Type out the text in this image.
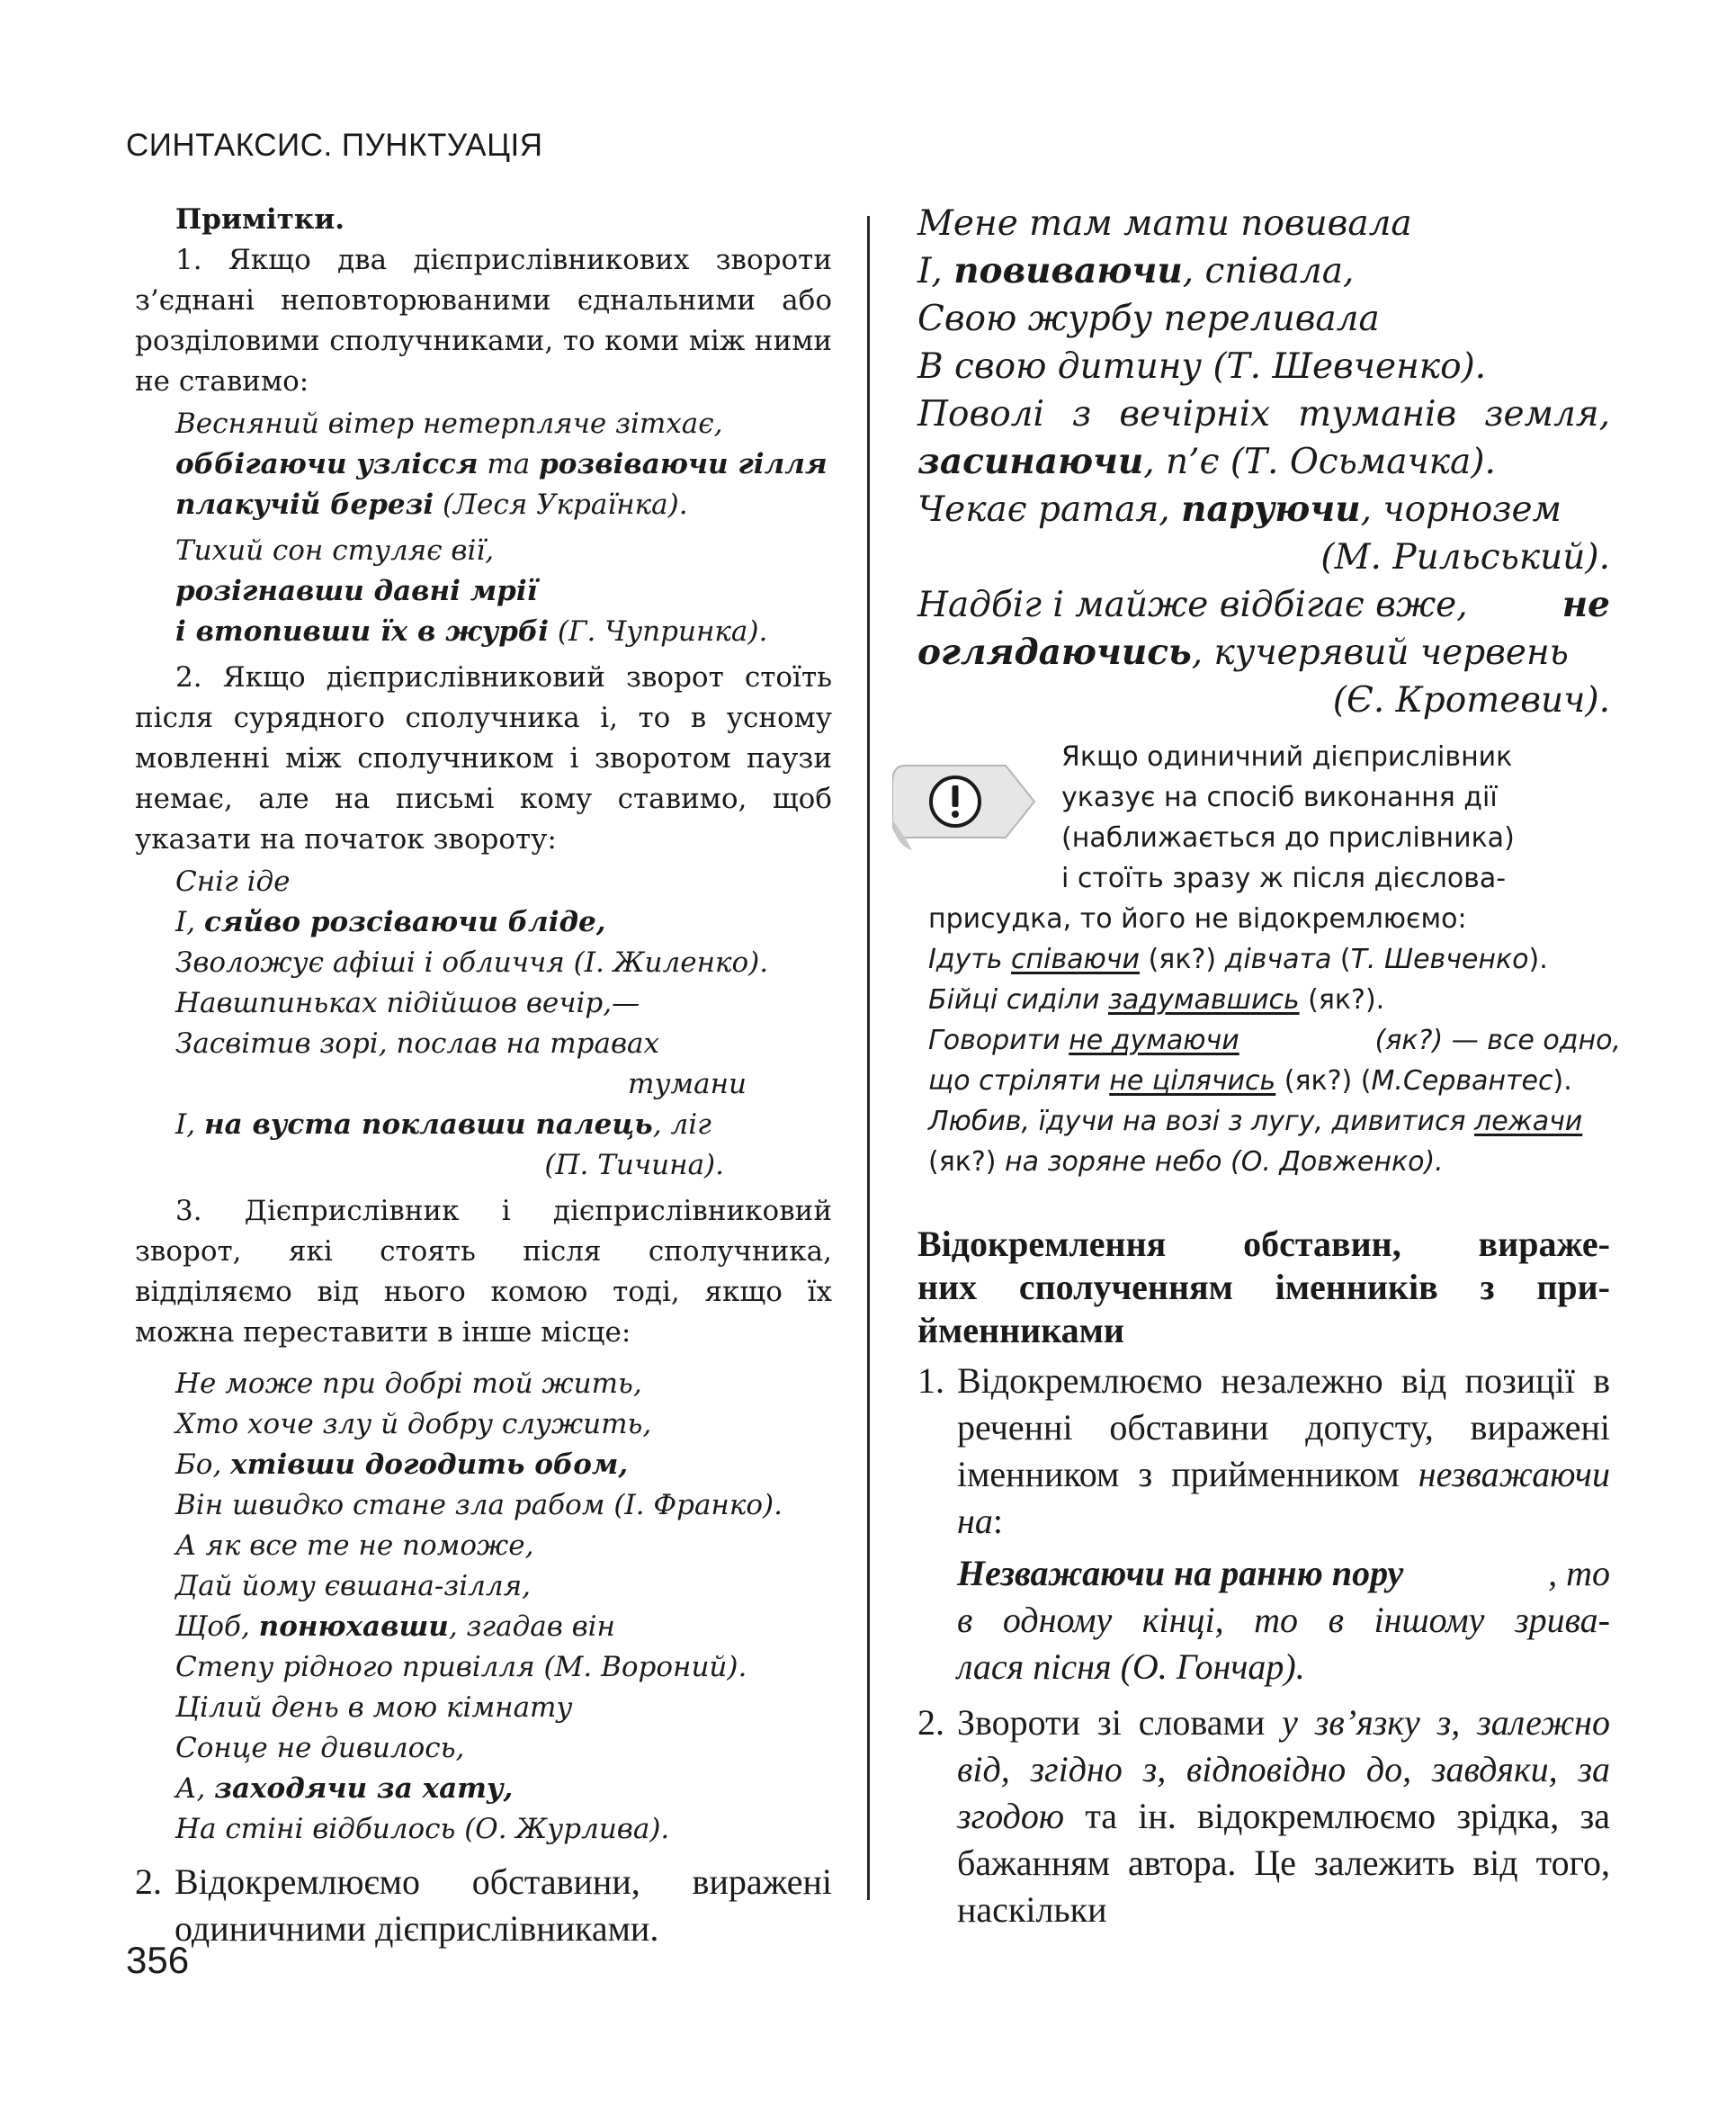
СИНТАКСИС. ПУНКТУАЦІЯ

Примітки.

1. Якщо два дієприслівникових звороти з’єднані неповторюваними єднальними або розділовими сполучниками, то коми між ними не ставимо:

Весняний вітер нетерпляче зітхає,
оббігаючи узлісся та розвіваючи гілля
плакучій березі (Леся Українка).
Тихий сон стуляє вії,
розігнавши давні мрії
і втопивши їх в журбі (Г. Чупринка).

2. Якщо дієприслівниковий зворот стоїть після сурядного сполучника і, то в усному мовленні між сполучником і зворотом паузи немає, але на письмі кому ставимо, щоб указати на початок звороту:

Сніг іде
І, сяйво розсіваючи бліде,
Зволожує афіші і обличчя (І. Жиленко).
Навшпиньках підійшов вечір,—
Засвітив зорі, послав на травах
тумани
І, на вуста поклавши палець, ліг
(П. Тичина).

3. Дієприслівник і дієприслівниковий зворот, які стоять після сполучника, відділяємо від нього комою тоді, якщо їх можна переставити в інше місце:

Не може при добрі той жить,
Хто хоче злу й добру служить,
Бо, хтівши догодить обом,
Він швидко стане зла рабом (І. Франко).
А як все те не поможе,
Дай йому євшана-зілля,
Щоб, понюхавши, згадав він
Степу рідного привілля (М. Вороний).
Цілий день в мою кімнату
Сонце не дивилось,
А, заходячи за хату,
На стіні відбилось (О. Журлива).
2. Відокремлюємо обставини, виражені одиничними дієприслівниками.
Мене там мати повивала
І, повиваючи, співала,
Свою журбу переливала
В свою дитину (Т. Шевченко).
Поволі з вечірніх туманів земля,
засинаючи, п’є (Т. Осьмачка).
Чекає ратая, паруючи, чорнозем
(М. Рильський).
Надбіг і майже відбігає вже,	не
оглядаючись, кучерявий червень
(Є. Кротевич).
Якщо одиничний дієприслівник
указує на спосіб виконання дії
(наближається до прислівника)
і стоїть зразу ж після дієслова-
присудка, то його не відокремлюємо:
Ідуть співаючи (як?) дівчата (Т. Шевченко).
Бійці сиділи задумавшись (як?).
Говорити не думаючи	(як?) — все одно,
що стріляти не цілячись (як?) (М.Сервантес).
Любив, їдучи на возі з лугу, дивитися лежачи
(як?) на зоряне небо (О. Довженко).
Відокремлення обставин, вираже-
них сполученням іменників з при-
йменниками
1. Відокремлюємо незалежно від позиції в реченні обставини допусту, виражені іменником з прийменником незважаючи на:
Незважаючи на ранню пору	, то
в одному кінці, то в іншому зрива-
лася пісня (О. Гончар).
2. Звороти зі словами у зв’язку з, залежно від, згідно з, відповідно до, завдяки, за згодою та ін. відокремлюємо зрідка, за бажанням автора. Це залежить від того, наскільки
356
